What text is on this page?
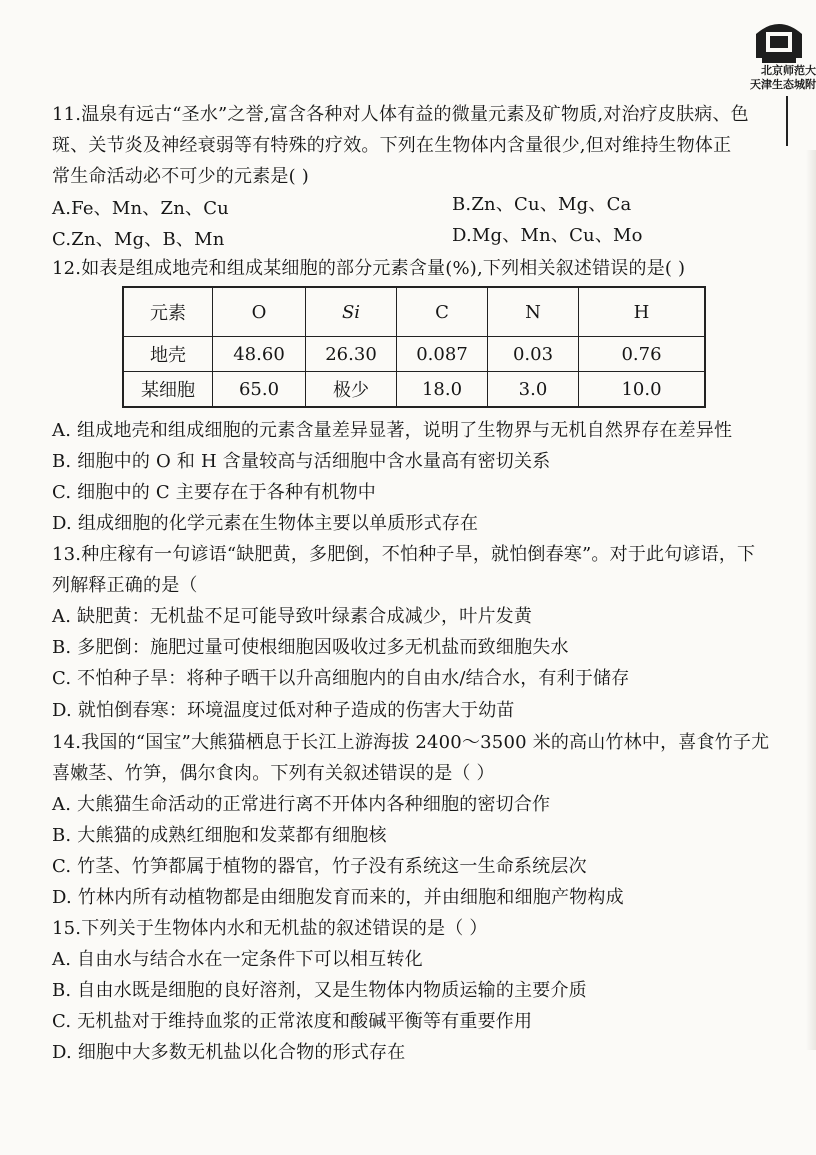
北京师范大
天津生态城附
11.温泉有远古“圣水”之誉,富含各种对人体有益的微量元素及矿物质,对治疗皮肤病、色
斑、关节炎及神经衰弱等有特殊的疗效。下列在生物体内含量很少,但对维持生物体正
常生命活动必不可少的元素是( )
A.Fe、Mn、Zn、Cu	B.Zn、Cu、Mg、Ca
C.Zn、Mg、B、Mn	D.Mg、Mn、Cu、Mo
12.如表是组成地壳和组成某细胞的部分元素含量(%),下列相关叙述错误的是( )
元素	O	Si	C	N	H
地壳	48.60	26.30	0.087	0.03	0.76
某细胞	65.0	极少	18.0	3.0	10.0
A. 组成地壳和组成细胞的元素含量差异显著，说明了生物界与无机自然界存在差异性
B. 细胞中的 O 和 H 含量较高与活细胞中含水量高有密切关系
C. 细胞中的 C 主要存在于各种有机物中
D. 组成细胞的化学元素在生物体主要以单质形式存在
13.种庄稼有一句谚语“缺肥黄，多肥倒，不怕种子旱，就怕倒春寒”。对于此句谚语，下
列解释正确的是（
A. 缺肥黄：无机盐不足可能导致叶绿素合成减少，叶片发黄
B. 多肥倒：施肥过量可使根细胞因吸收过多无机盐而致细胞失水
C. 不怕种子旱：将种子晒干以升高细胞内的自由水/结合水，有利于储存
D. 就怕倒春寒：环境温度过低对种子造成的伤害大于幼苗
14.我国的“国宝”大熊猫栖息于长江上游海拔 2400～3500 米的高山竹林中，喜食竹子尤
喜嫩茎、竹笋，偶尔食肉。下列有关叙述错误的是（ ）
A. 大熊猫生命活动的正常进行离不开体内各种细胞的密切合作
B. 大熊猫的成熟红细胞和发菜都有细胞核
C. 竹茎、竹笋都属于植物的器官，竹子没有系统这一生命系统层次
D. 竹林内所有动植物都是由细胞发育而来的，并由细胞和细胞产物构成
15.下列关于生物体内水和无机盐的叙述错误的是（ ）
A. 自由水与结合水在一定条件下可以相互转化
B. 自由水既是细胞的良好溶剂，又是生物体内物质运输的主要介质
C. 无机盐对于维持血浆的正常浓度和酸碱平衡等有重要作用
D. 细胞中大多数无机盐以化合物的形式存在
